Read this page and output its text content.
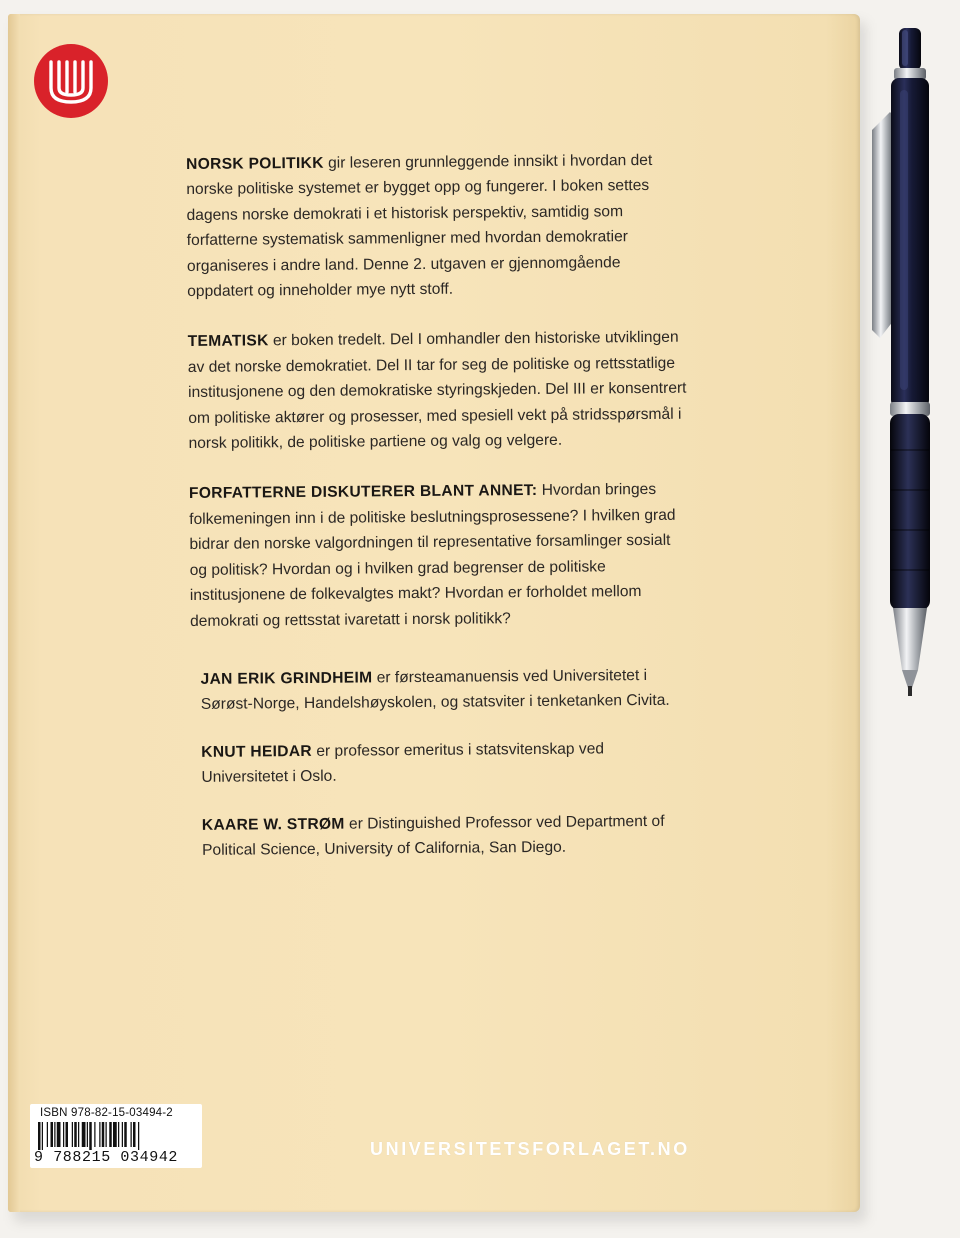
NORSK POLITIKK gir leseren grunnleggende innsikt i hvordan det norske politiske systemet er bygget opp og fungerer. I boken settes dagens norske demokrati i et historisk perspektiv, samtidig som forfatterne systematisk sammenligner med hvordan demokratier organiseres i andre land. Denne 2. utgaven er gjennomgående oppdatert og inneholder mye nytt stoff.

TEMATISK er boken tredelt. Del I omhandler den historiske utviklingen av det norske demokratiet. Del II tar for seg de politiske og rettsstatlige institusjonene og den demokratiske styringskjeden. Del III er konsentrert om politiske aktører og prosesser, med spesiell vekt på stridsspørsmål i norsk politikk, de politiske partiene og valg og velgere.

FORFATTERNE DISKUTERER BLANT ANNET: Hvordan bringes folkemeningen inn i de politiske beslutningsprosessene? I hvilken grad bidrar den norske valgordningen til representative forsamlinger sosialt og politisk? Hvordan og i hvilken grad begrenser de politiske institusjonene de folkevalgtes makt? Hvordan er forholdet mellom demokrati og rettsstat ivaretatt i norsk politikk?

JAN ERIK GRINDHEIM er førsteamanuensis ved Universitetet i Sørøst-Norge, Handelshøyskolen, og statsviter i tenketanken Civita.

KNUT HEIDAR er professor emeritus i statsvitenskap ved Universitetet i Oslo.

KAARE W. STRØM er Distinguished Professor ved Department of Political Science, University of California, San Diego.

ISBN 978-82-15-03494-2
9 788215 034942	UNIVERSITETSFORLAGET.NO
